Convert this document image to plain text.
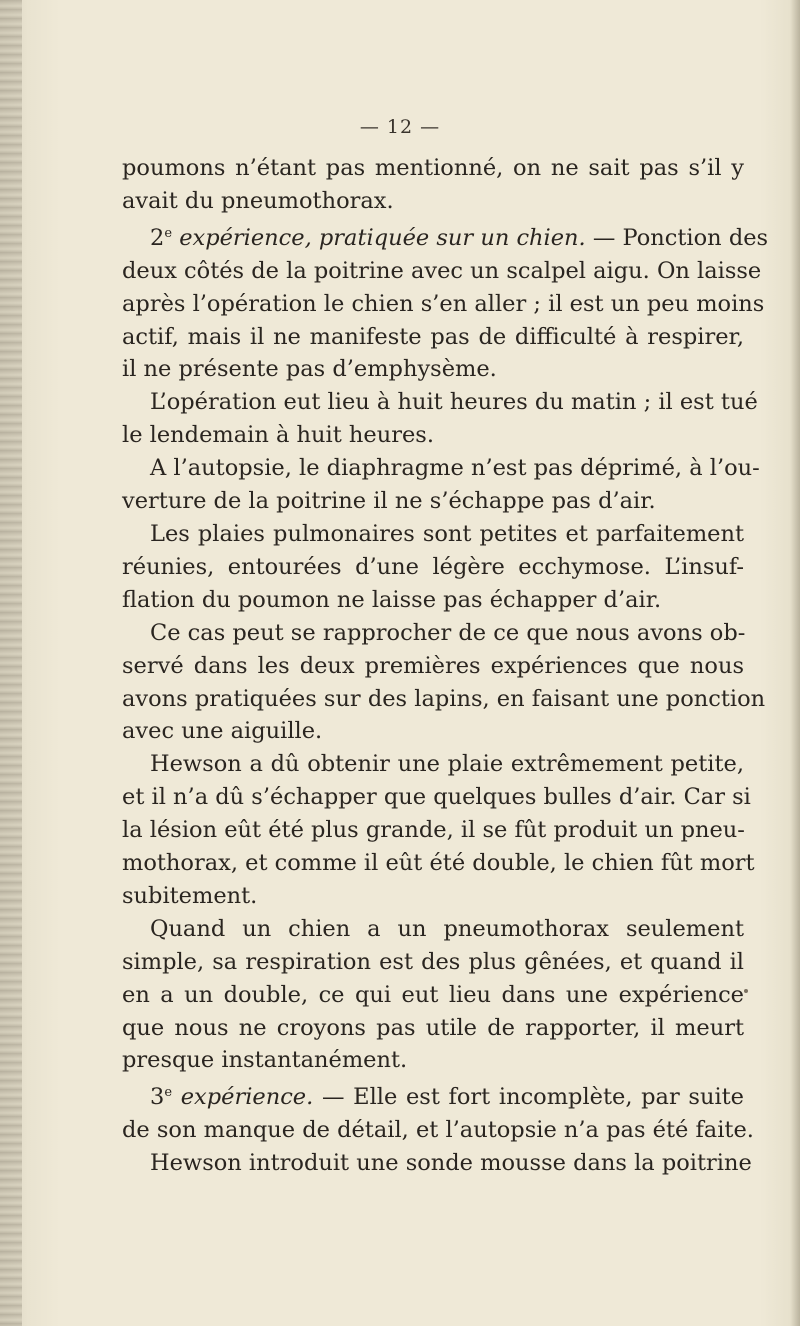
— 12 —
poumons n’étant pas mentionné, on ne sait pas s’il y
avait du pneumothorax.
2e expérience, pratiquée sur un chien. — Ponction des
deux côtés de la poitrine avec un scalpel aigu. On laisse
après l’opération le chien s’en aller ; il est un peu moins
actif, mais il ne manifeste pas de difficulté à respirer,
il ne présente pas d’emphysème.
L’opération eut lieu à huit heures du matin ; il est tué
le lendemain à huit heures.
A l’autopsie, le diaphragme n’est pas déprimé, à l’ou-
verture de la poitrine il ne s’échappe pas d’air.
Les plaies pulmonaires sont petites et parfaitement
réunies, entourées d’une légère ecchymose. L’insuf-
flation du poumon ne laisse pas échapper d’air.
Ce cas peut se rapprocher de ce que nous avons ob-
servé dans les deux premières expériences que nous
avons pratiquées sur des lapins, en faisant une ponction
avec une aiguille.
Hewson a dû obtenir une plaie extrêmement petite,
et il n’a dû s’échapper que quelques bulles d’air. Car si
la lésion eût été plus grande, il se fût produit un pneu-
mothorax, et comme il eût été double, le chien fût mort
subitement.
Quand un chien a un pneumothorax seulement
simple, sa respiration est des plus gênées, et quand il
en a un double, ce qui eut lieu dans une expérience
que nous ne croyons pas utile de rapporter, il meurt
presque instantanément.
3e expérience. — Elle est fort incomplète, par suite
de son manque de détail, et l’autopsie n’a pas été faite.
Hewson introduit une sonde mousse dans la poitrine
